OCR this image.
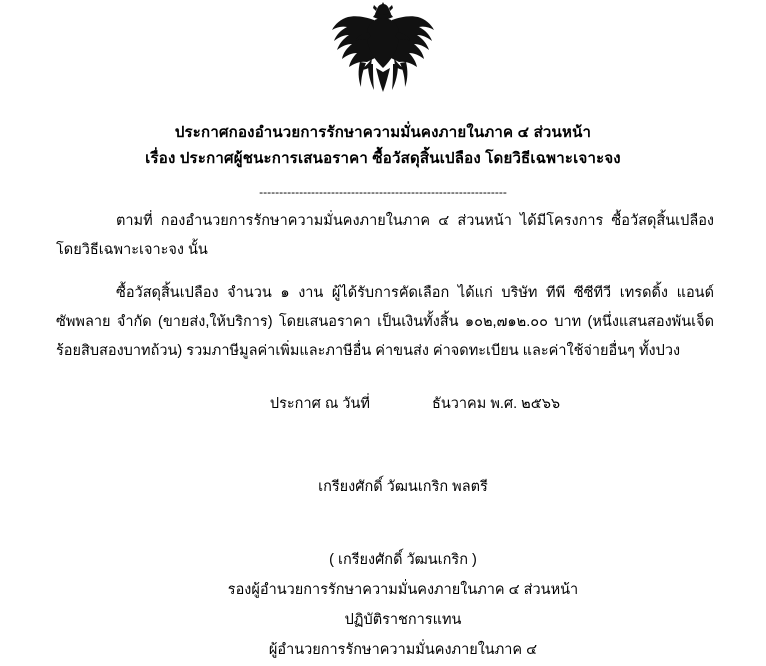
ประกาศกองอำนวยการรักษาความมั่นคงภายในภาค ๔ ส่วนหน้า
เรื่อง ประกาศผู้ชนะการเสนอราคา ซื้อวัสดุสิ้นเปลือง โดยวิธีเฉพาะเจาะจง
--------------------------------------------------------------

ตามที่ กองอำนวยการรักษาความมั่นคงภายในภาค ๔ ส่วนหน้า ได้มีโครงการ ซื้อวัสดุสิ้นเปลือง โดยวิธีเฉพาะเจาะจง นั้น

ซื้อวัสดุสิ้นเปลือง จำนวน ๑ งาน ผู้ได้รับการคัดเลือก ได้แก่ บริษัท ทีพี ซีซีทีวี เทรดดิ้ง แอนด์ ซัพพลาย จำกัด (ขายส่ง,ให้บริการ) โดยเสนอราคา เป็นเงินทั้งสิ้น ๑๐๒,๗๑๒.๐๐ บาท (หนึ่งแสนสองพันเจ็ดร้อยสิบสองบาทถ้วน) รวมภาษีมูลค่าเพิ่มและภาษีอื่น ค่าขนส่ง ค่าจดทะเบียน และค่าใช้จ่ายอื่นๆ ทั้งปวง

ประกาศ ณ วันที่	ธันวาคม พ.ศ. ๒๕๖๖
เกรียงศักดิ์ วัฒนเกริก พลตรี
( เกรียงศักดิ์ วัฒนเกริก )
รองผู้อำนวยการรักษาความมั่นคงภายในภาค ๔ ส่วนหน้า
ปฏิบัติราชการแทน
ผู้อำนวยการรักษาความมั่นคงภายในภาค ๔
